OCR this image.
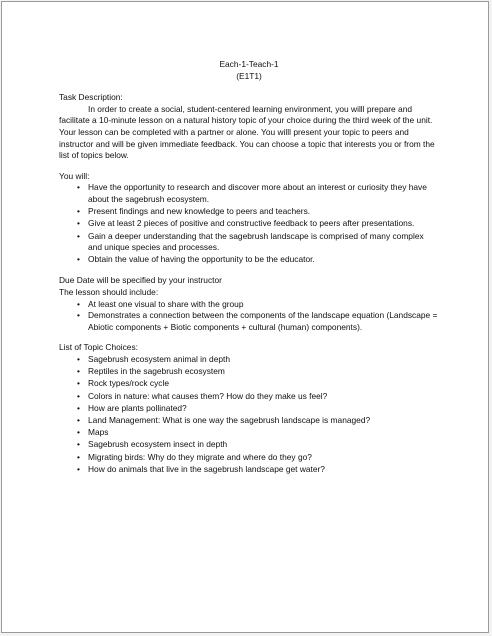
Each-1-Teach-1
(E1T1)

Task Description:

In order to create a social, student-centered learning environment, you willl prepare and facilitate a 10-minute lesson on a natural history topic of your choice during the third week of the unit. Your lesson can be completed with a partner or alone. You willl present your topic to peers and instructor and will be given immediate feedback. You can choose a topic that interests you or from the list of topics below.

You will:

• Have the opportunity to research and discover more about an interest or curiosity they have about the sagebrush ecosystem.
• Present findings and new knowledge to peers and teachers.
• Give at least 2 pieces of positive and constructive feedback to peers after presentations.
• Gain a deeper understanding that the sagebrush landscape is comprised of many complex and unique species and processes.
• Obtain the value of having the opportunity to be the educator.

Due Date will be specified by your instructor

The lesson should include:

• At least one visual to share with the group
• Demonstrates a connection between the components of the landscape equation (Landscape = Abiotic components + Biotic components + cultural (human) components).

List of Topic Choices:

• Sagebrush ecosystem animal in depth
• Reptiles in the sagebrush ecosystem
• Rock types/rock cycle
• Colors in nature: what causes them? How do they make us feel?
• How are plants pollinated?
• Land Management: What is one way the sagebrush landscape is managed?
• Maps
• Sagebrush ecosystem insect in depth
• Migrating birds: Why do they migrate and where do they go?
• How do animals that live in the sagebrush landscape get water?
